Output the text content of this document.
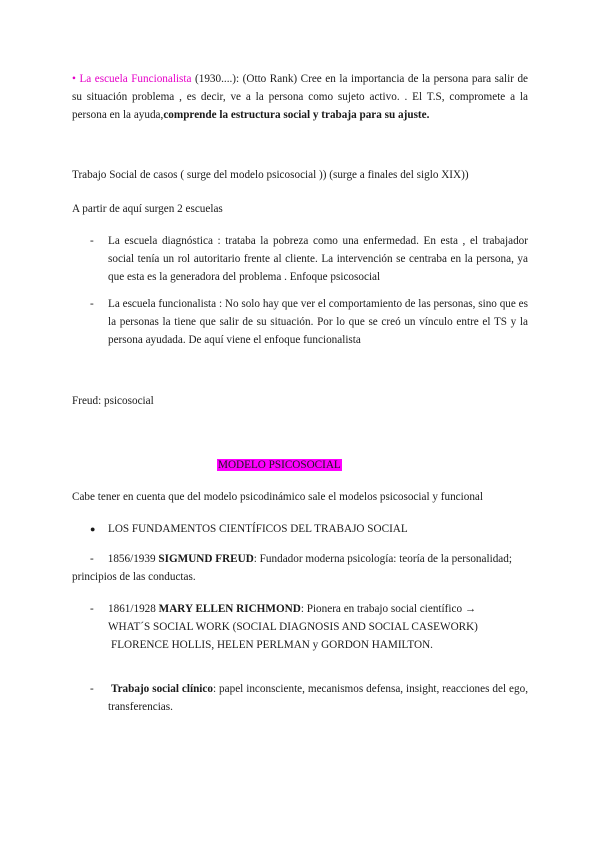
• La escuela Funcionalista (1930....): (Otto Rank) Cree en la importancia de la persona para salir de su situación problema , es decir, ve a la persona como sujeto activo. . El T.S, compromete a la persona en la ayuda,comprende la estructura social y trabaja para su ajuste.
Trabajo Social de casos ( surge del modelo psicosocial )) (surge a finales del siglo XIX))
A partir de aquí surgen 2 escuelas
- La escuela diagnóstica : trataba la pobreza como una enfermedad. En esta , el trabajador social tenía un rol autoritario frente al cliente. La intervención se centraba en la persona, ya que esta es la generadora del problema . Enfoque psicosocial
- La escuela funcionalista : No solo hay que ver el comportamiento de las personas, sino que es la personas la tiene que salir de su situación. Por lo que se creó un vínculo entre el TS y la persona ayudada. De aquí viene el enfoque funcionalista
Freud: psicosocial
MODELO PSICOSOCIAL
Cabe tener en cuenta que del modelo psicodinámico sale el modelos psicosocial y funcional
● LOS FUNDAMENTOS CIENTÍFICOS DEL TRABAJO SOCIAL
- 1856/1939 SIGMUND FREUD: Fundador moderna psicología: teoría de la personalidad; principios de las conductas.
- 1861/1928 MARY ELLEN RICHMOND: Pionera en trabajo social científico →
WHAT´S SOCIAL WORK (SOCIAL DIAGNOSIS AND SOCIAL CASEWORK)
FLORENCE HOLLIS, HELEN PERLMAN y GORDON HAMILTON.
- Trabajo social clínico: papel inconsciente, mecanismos defensa, insight, reacciones del ego, transferencias.
